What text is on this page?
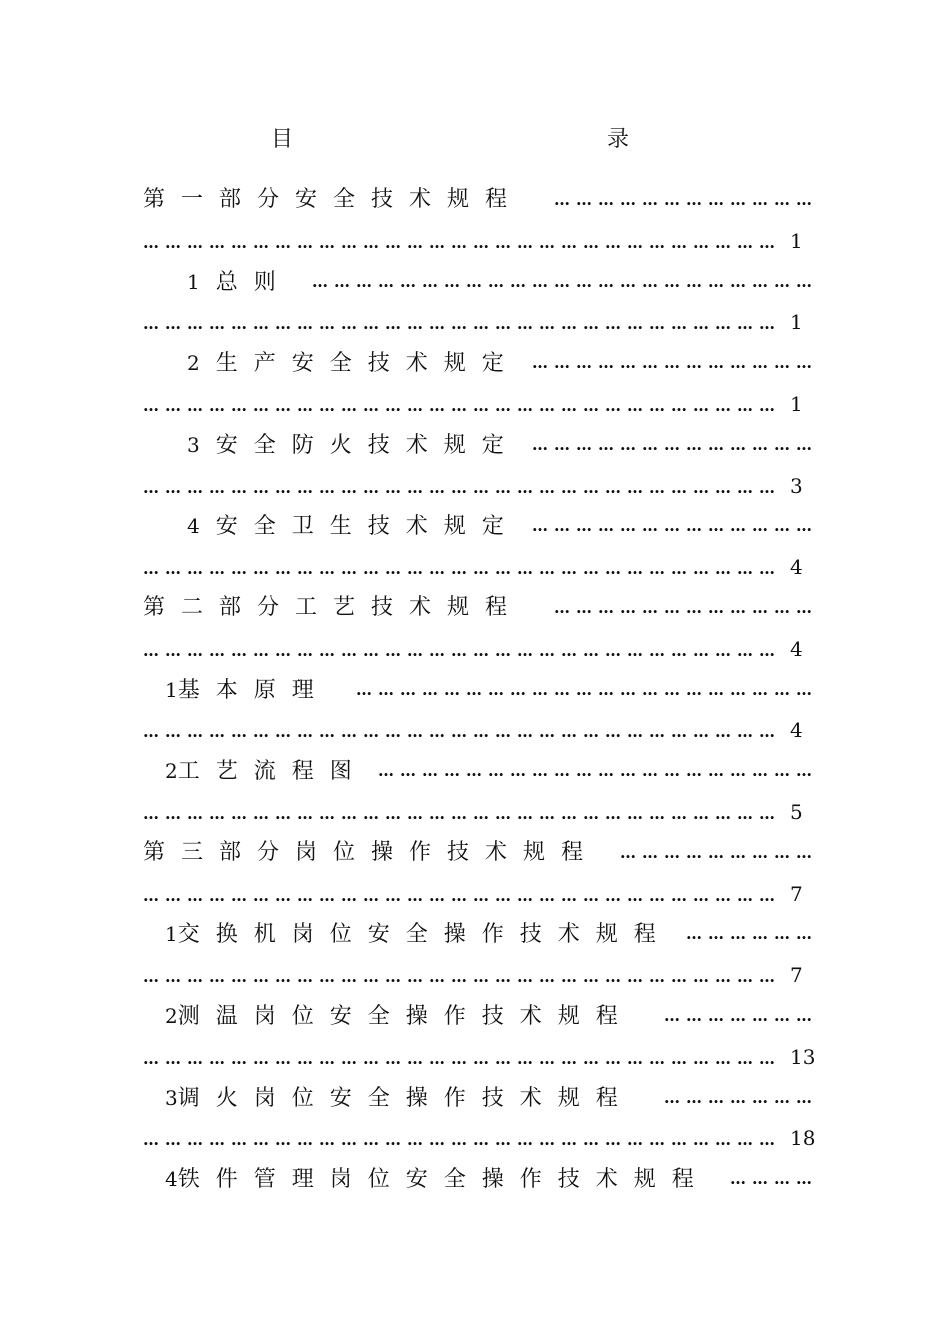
目　　录
第一部分安全技术规程 ………………………………
…………………………………………………………………………… 1
1 总则 ……………………………………………………………
…………………………………………………………………………… 1
2 生产安全技术规定 …………………………………
…………………………………………………………………………… 1
3 安全防火技术规定 …………………………………
…………………………………………………………………………… 3
4 安全卫生技术规定 …………………………………
…………………………………………………………………………… 4
第二部分工艺技术规程 ………………………………
…………………………………………………………………………… 4
1基本原理 ………………………………………………………
…………………………………………………………………………… 4
2工艺流程图 ……………………………………………………
…………………………………………………………………………… 5
第三部分岗位操作技术规程 ………………………
…………………………………………………………………………… 7
1交换机岗位安全操作技术规程 ………………
…………………………………………………………………………… 7
2测温岗位安全操作技术规程 …………………
…………………………………………………………………………… 13
3调火岗位安全操作技术规程 …………………
…………………………………………………………………………… 18
4铁件管理岗位安全操作技术规程 …………
